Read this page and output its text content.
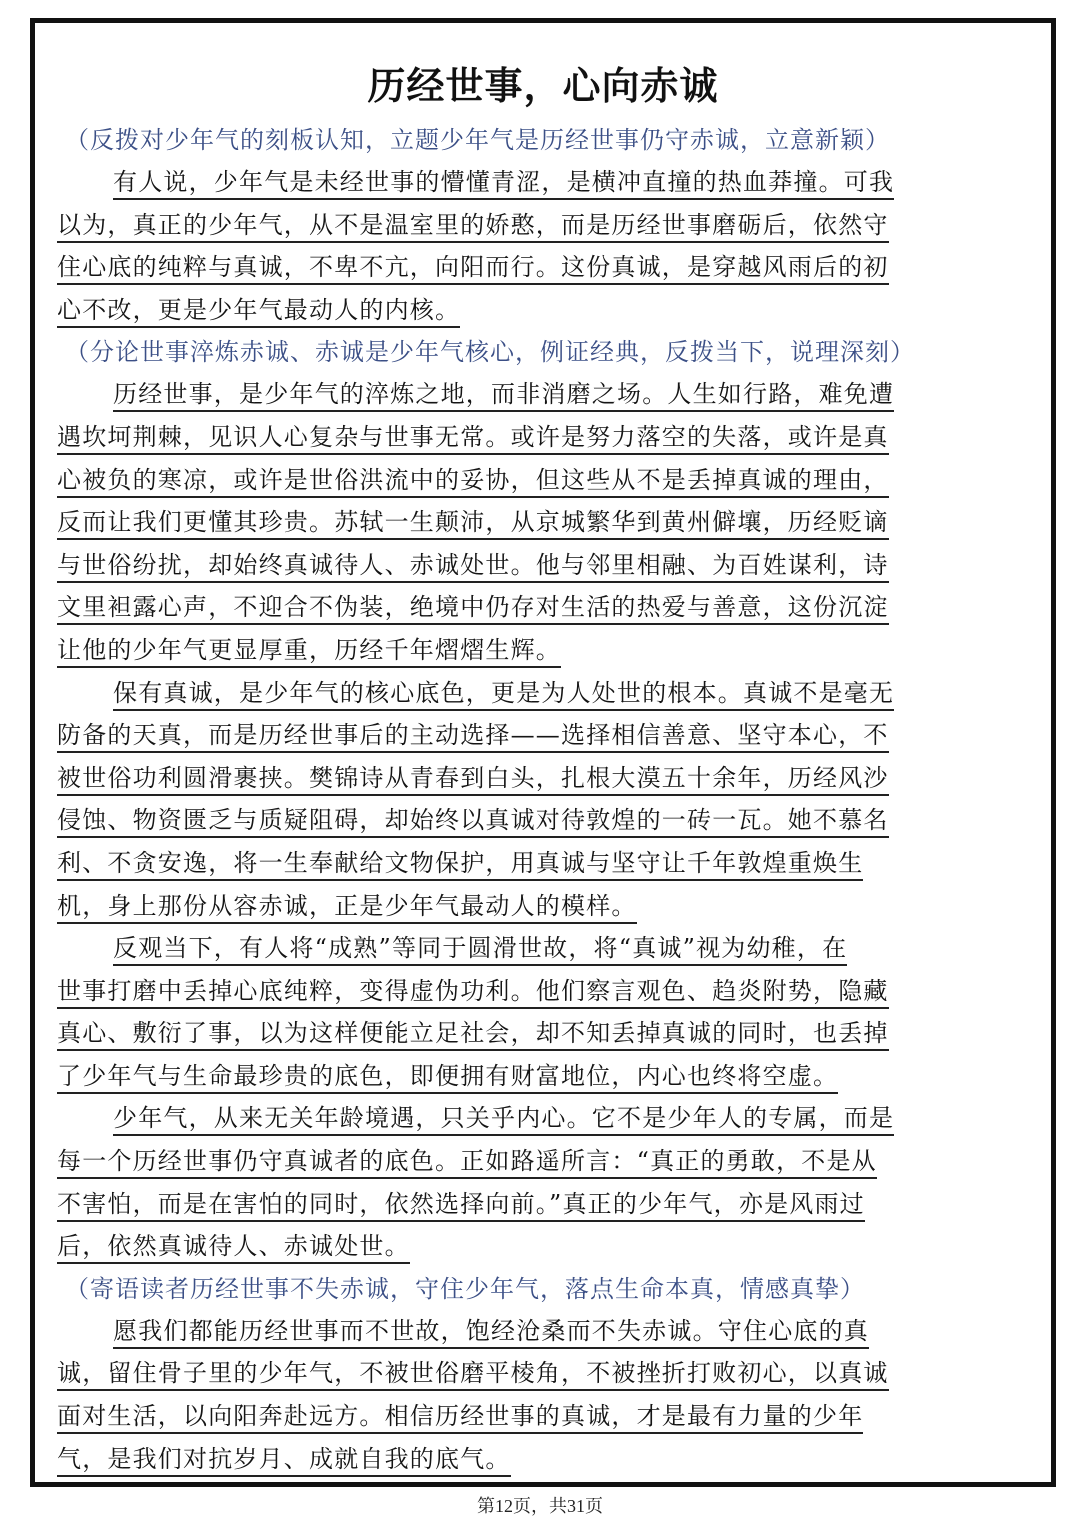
历经世事，心向赤诚
（反拨对少年气的刻板认知，立题少年气是历经世事仍守赤诚，立意新颖）
有人说，少年气是未经世事的懵懂青涩，是横冲直撞的热血莽撞。可我
以为，真正的少年气，从不是温室里的娇憨，而是历经世事磨砺后，依然守
住心底的纯粹与真诚，不卑不亢，向阳而行。这份真诚，是穿越风雨后的初
心不改，更是少年气最动人的内核。
（分论世事淬炼赤诚、赤诚是少年气核心，例证经典，反拨当下，说理深刻）
历经世事，是少年气的淬炼之地，而非消磨之场。人生如行路，难免遭
遇坎坷荆棘，见识人心复杂与世事无常。或许是努力落空的失落，或许是真
心被负的寒凉，或许是世俗洪流中的妥协，但这些从不是丢掉真诚的理由，
反而让我们更懂其珍贵。苏轼一生颠沛，从京城繁华到黄州僻壤，历经贬谪
与世俗纷扰，却始终真诚待人、赤诚处世。他与邻里相融、为百姓谋利，诗
文里袒露心声，不迎合不伪装，绝境中仍存对生活的热爱与善意，这份沉淀
让他的少年气更显厚重，历经千年熠熠生辉。
保有真诚，是少年气的核心底色，更是为人处世的根本。真诚不是毫无
防备的天真，而是历经世事后的主动选择——选择相信善意、坚守本心，不
被世俗功利圆滑裹挟。樊锦诗从青春到白头，扎根大漠五十余年，历经风沙
侵蚀、物资匮乏与质疑阻碍，却始终以真诚对待敦煌的一砖一瓦。她不慕名
利、不贪安逸，将一生奉献给文物保护，用真诚与坚守让千年敦煌重焕生
机，身上那份从容赤诚，正是少年气最动人的模样。
反观当下，有人将“成熟”等同于圆滑世故，将“真诚”视为幼稚，在
世事打磨中丢掉心底纯粹，变得虚伪功利。他们察言观色、趋炎附势，隐藏
真心、敷衍了事，以为这样便能立足社会，却不知丢掉真诚的同时，也丢掉
了少年气与生命最珍贵的底色，即便拥有财富地位，内心也终将空虚。
少年气，从来无关年龄境遇，只关乎内心。它不是少年人的专属，而是
每一个历经世事仍守真诚者的底色。正如路遥所言：“真正的勇敢，不是从
不害怕，而是在害怕的同时，依然选择向前。”真正的少年气，亦是风雨过
后，依然真诚待人、赤诚处世。
（寄语读者历经世事不失赤诚，守住少年气，落点生命本真，情感真挚）
愿我们都能历经世事而不世故，饱经沧桑而不失赤诚。守住心底的真
诚，留住骨子里的少年气，不被世俗磨平棱角，不被挫折打败初心，以真诚
面对生活，以向阳奔赴远方。相信历经世事的真诚，才是最有力量的少年
气，是我们对抗岁月、成就自我的底气。
第12页，共31页
